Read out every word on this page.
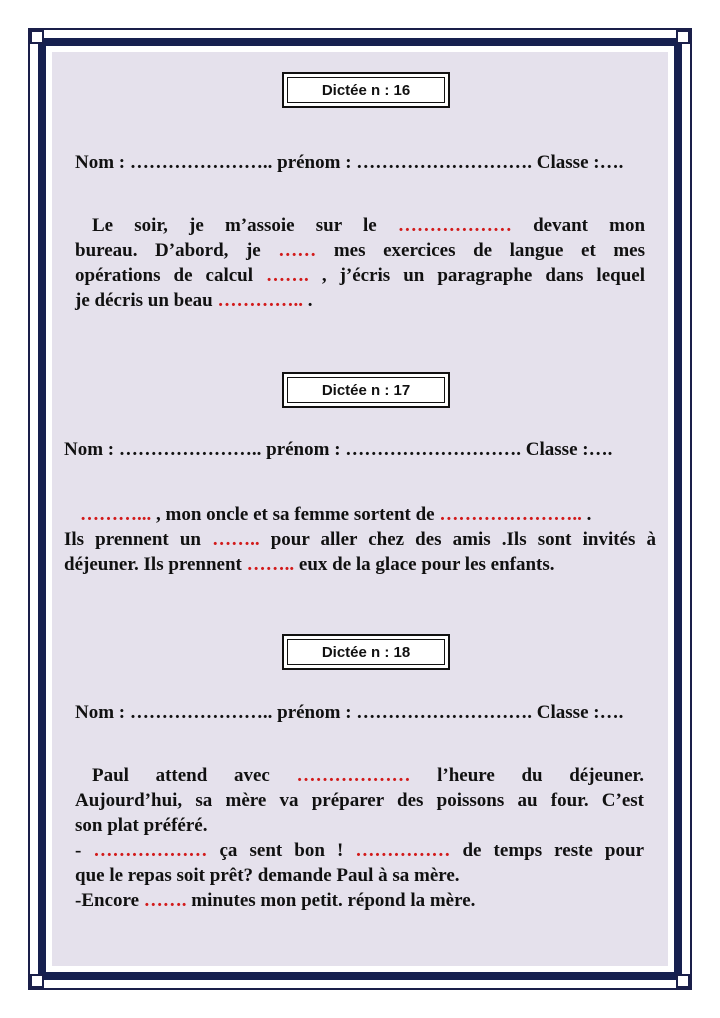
Dictée n : 16
Nom : ………………….. prénom : ………………………. Classe :….
Le soir, je m’assoie sur le ……………… devant mon
bureau. D’abord, je …… mes exercices de langue et mes
opérations de calcul ……. , j’écris un paragraphe dans lequel
je décris un beau ………….. .
Dictée n : 17
Nom : ………………….. prénom : ………………………. Classe :….
………... , mon oncle et sa femme sortent de ………………….. .
Ils prennent un …….. pour aller chez des amis .Ils sont invités à
déjeuner. Ils prennent …….. eux de la glace pour les enfants.
Dictée n : 18
Nom : ………………….. prénom : ………………………. Classe :….
Paul attend avec ……………… l’heure du déjeuner.
Aujourd’hui, sa mère va préparer des poissons au four. C’est
son plat préféré.
- ……………… ça sent bon ! …………… de temps reste pour
que le repas soit prêt? demande Paul à sa mère.
-Encore ……. minutes mon petit. répond la mère.
